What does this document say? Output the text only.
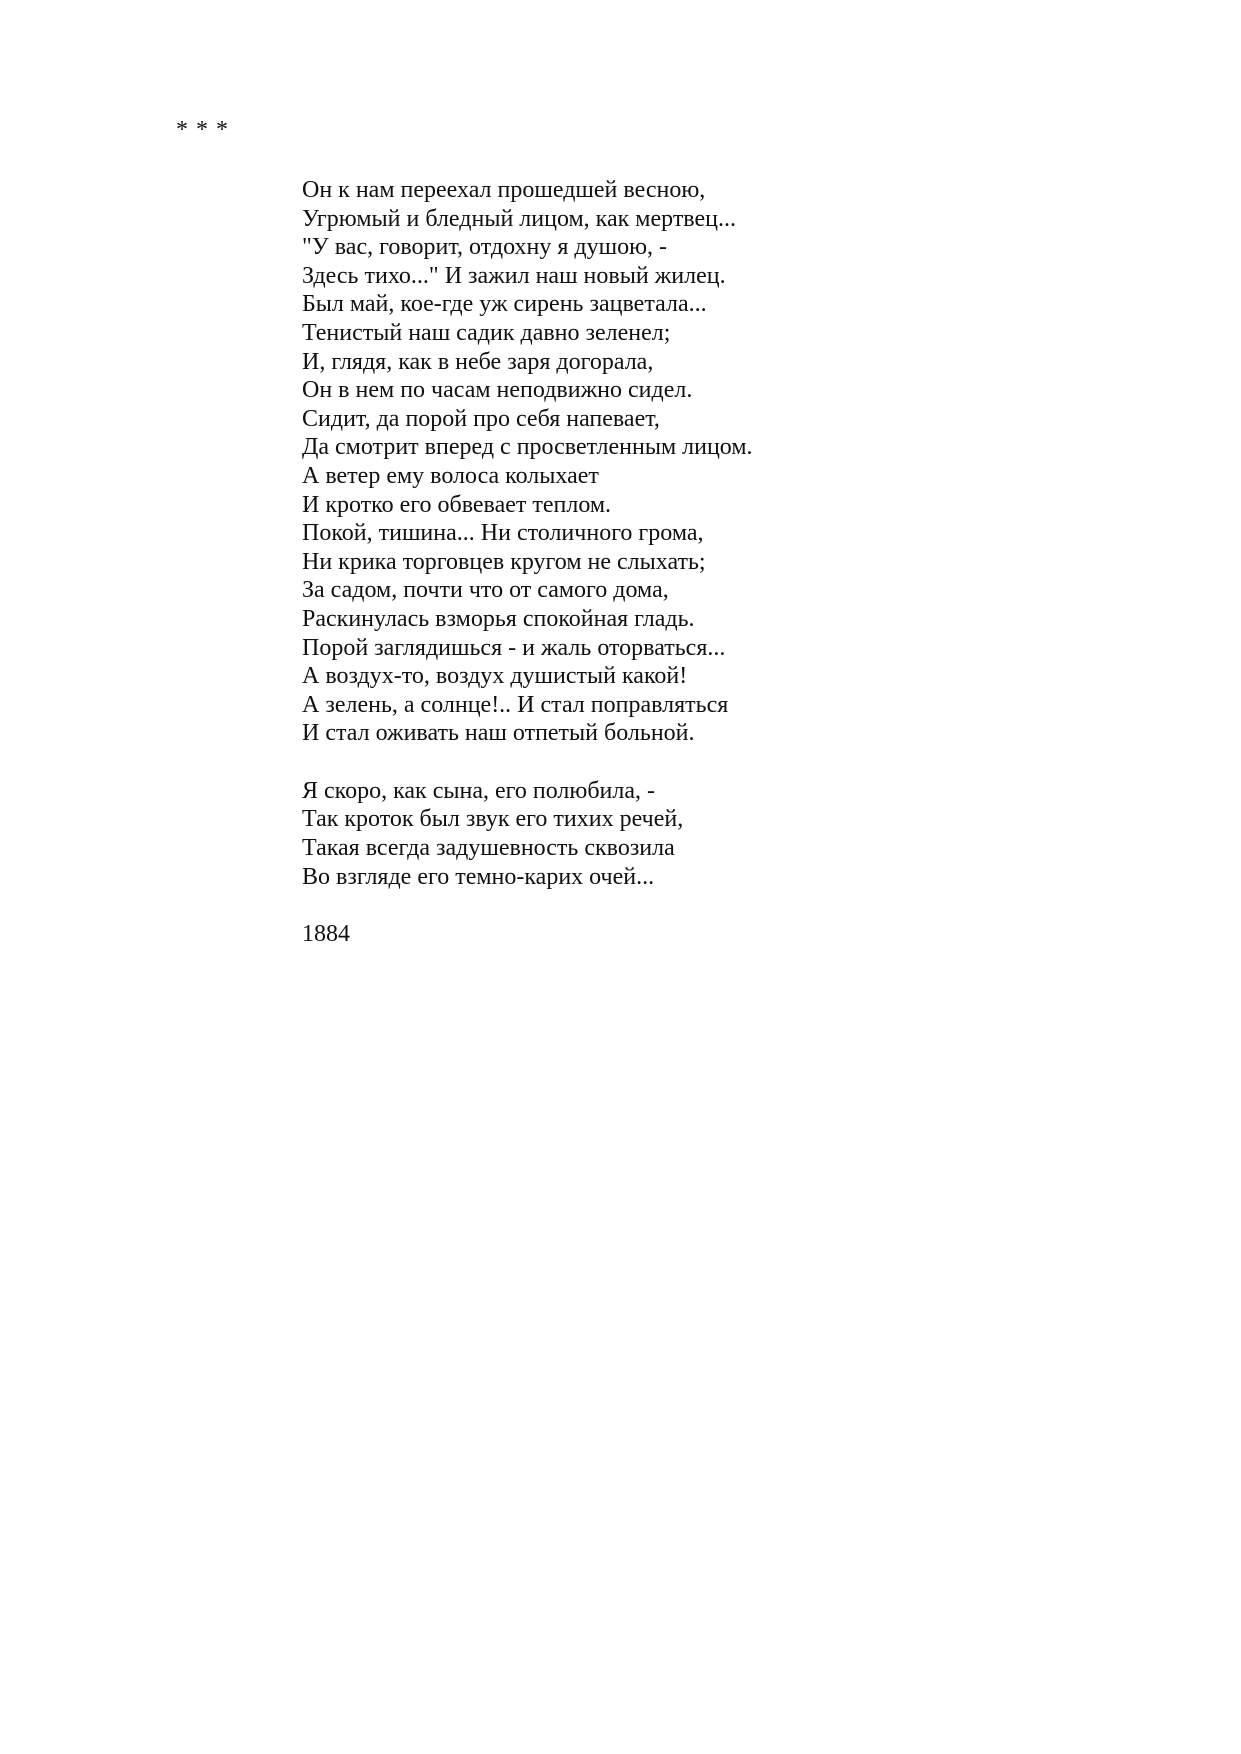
* * *
Он к нам переехал прошедшей весною,
Угрюмый и бледный лицом, как мертвец...
"У вас, говорит, отдохну я душою, -
Здесь тихо..." И зажил наш новый жилец.
Был май, кое-где уж сирень зацветала...
Тенистый наш садик давно зеленел;
И, глядя, как в небе заря догорала,
Он в нем по часам неподвижно сидел.
Сидит, да порой про себя напевает,
Да смотрит вперед с просветленным лицом.
А ветер ему волоса колыхает
И кротко его обвевает теплом.
Покой, тишина... Ни столичного грома,
Ни крика торговцев кругом не слыхать;
За садом, почти что от самого дома,
Раскинулась взморья спокойная гладь.
Порой заглядишься - и жаль оторваться...
А воздух-то, воздух душистый какой!
А зелень, а солнце!.. И стал поправляться
И стал оживать наш отпетый больной.
Я скоро, как сына, его полюбила, -
Так кроток был звук его тихих речей,
Такая всегда задушевность сквозила
Во взгляде его темно-карих очей...
1884
